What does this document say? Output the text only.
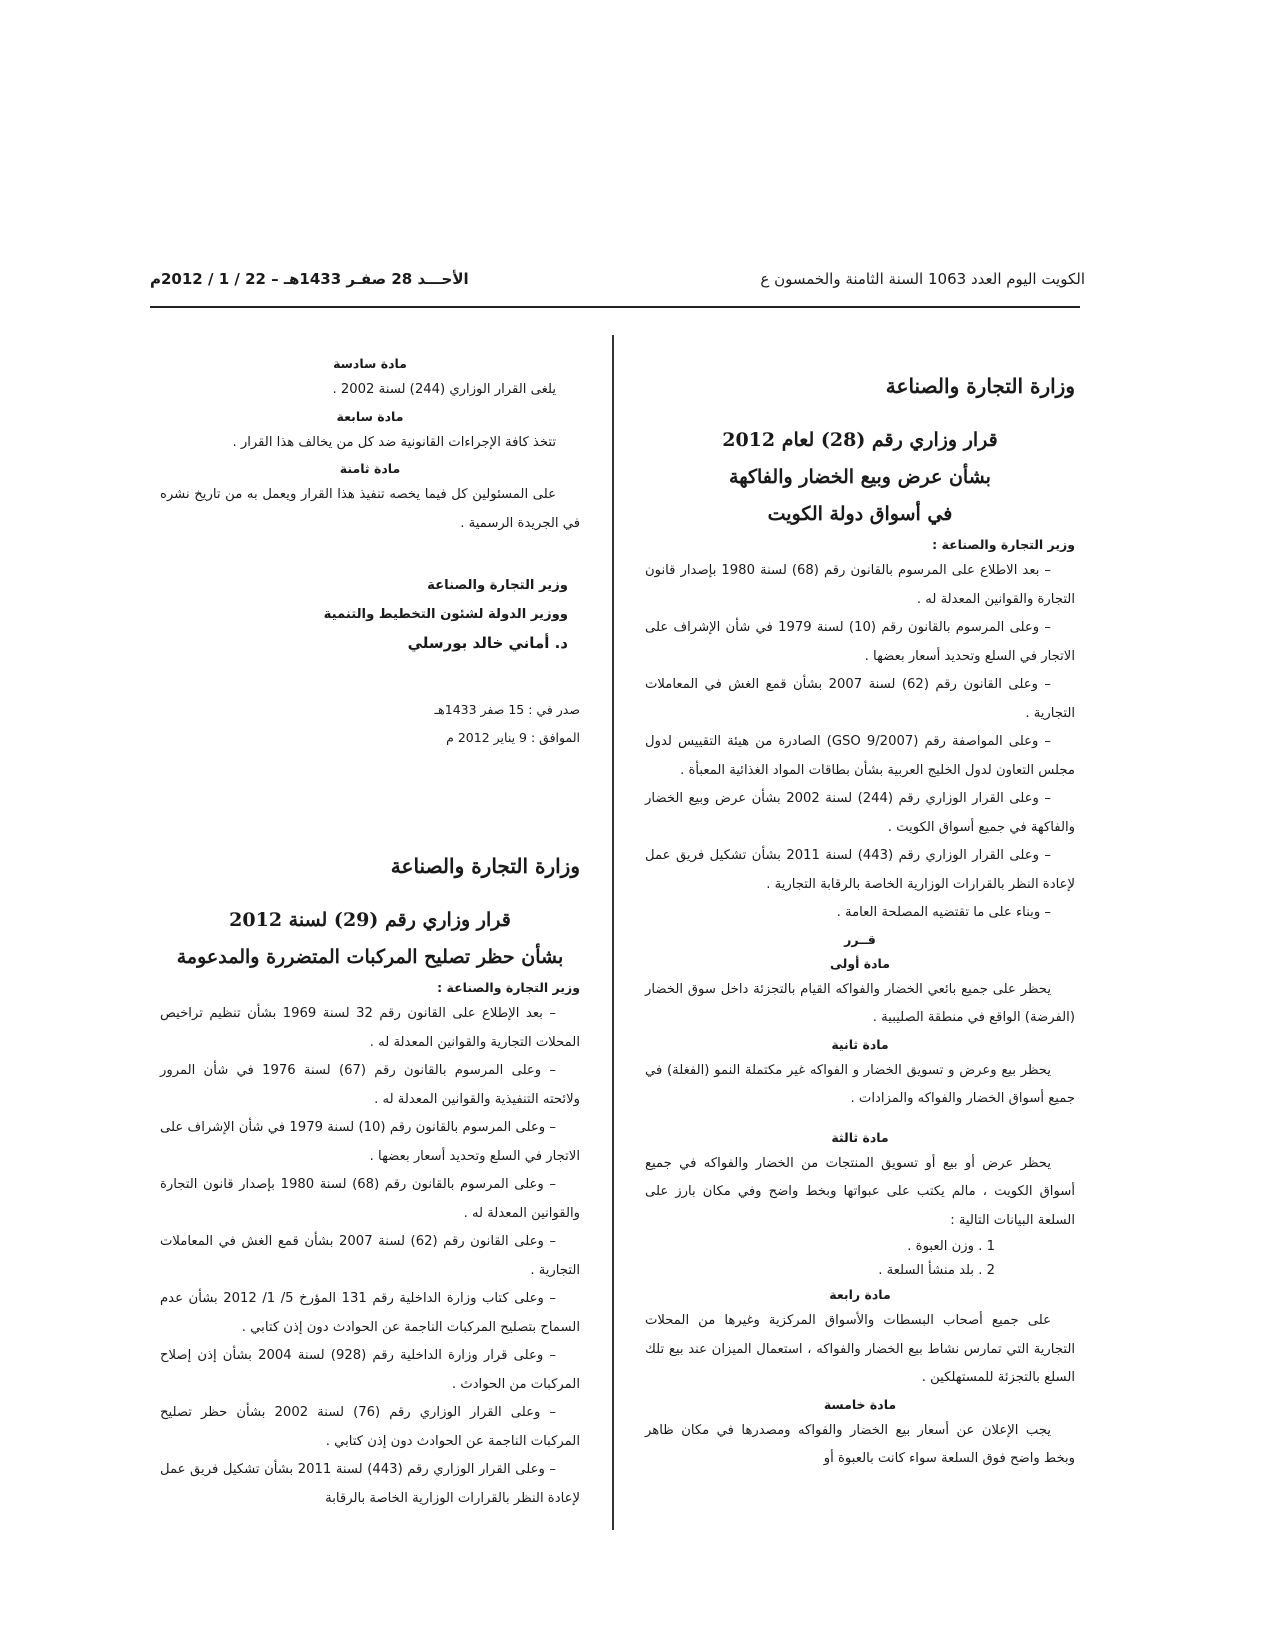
الكويت اليوم العدد 1063 السنة الثامنة والخمسون ع
الأحـــد 28 صفـر 1433هـ – 22 / 1 / 2012م
وزارة التجارة والصناعة
قرار وزاري رقم (28) لعام 2012
بشأن عرض وبيع الخضار والفاكهة
في أسواق دولة الكويت

وزير التجارة والصناعة :

– بعد الاطلاع على المرسوم بالقانون رقم (68) لسنة 1980 بإصدار قانون التجارة والقوانين المعدلة له .

– وعلى المرسوم بالقانون رقم (10) لسنة 1979 في شأن الإشراف على الاتجار في السلع وتحديد أسعار بعضها .

– وعلى القانون رقم (62) لسنة 2007 بشأن قمع الغش في المعاملات التجارية .

– وعلى المواصفة رقم (GSO 9/2007) الصادرة من هيئة التقييس لدول مجلس التعاون لدول الخليج العربية بشأن بطاقات المواد الغذائية المعبأة .

– وعلى القرار الوزاري رقم (244) لسنة 2002 بشأن عرض وبيع الخضار والفاكهة في جميع أسواق الكويت .

– وعلى القرار الوزاري رقم (443) لسنة 2011 بشأن تشكيل فريق عمل لإعادة النظر بالقرارات الوزارية الخاصة بالرقابة التجارية .

– وبناء على ما تقتضيه المصلحة العامة .

قــرر
مادة أولى

يحظر على جميع بائعي الخضار والفواكه القيام بالتجزئة داخل سوق الخضار (الفرضة) الواقع في منطقة الصليبية .

مادة ثانية

يحظر بيع وعرض و تسويق الخضار و الفواكه غير مكتملة النمو (الفغلة) في جميع أسواق الخضار والفواكه والمزادات .

مادة ثالثة

يحظر عرض أو بيع أو تسويق المنتجات من الخضار والفواكه في جميع أسواق الكويت ، مالم يكتب على عبواتها وبخط واضح وفي مكان بارز على السلعة البيانات التالية :

1 . وزن العبوة .

2 . بلد منشأ السلعة .

مادة رابعة

على جميع أصحاب البسطات والأسواق المركزية وغيرها من المحلات التجارية التي تمارس نشاط بيع الخضار والفواكه ، استعمال الميزان عند بيع تلك السلع بالتجزئة للمستهلكين .

مادة خامسة

يجب الإعلان عن أسعار بيع الخضار والفواكه ومصدرها في مكان ظاهر وبخط واضح فوق السلعة سواء كانت بالعبوة أو

مادة سادسة

يلغى القرار الوزاري (244) لسنة 2002 .

مادة سابعة

تتخذ كافة الإجراءات القانونية ضد كل من يخالف هذا القرار .

مادة ثامنة

على المسئولين كل فيما يخصه تنفيذ هذا القرار ويعمل به من تاريخ نشره في الجريدة الرسمية .

وزير التجارة والصناعة

ووزير الدولة لشئون التخطيط والتنمية

د. أماني خالد بورسلي

صدر في : 15 صفر 1433هـ

الموافق : 9 يناير 2012 م

وزارة التجارة والصناعة
قرار وزاري رقم (29) لسنة 2012
بشأن حظر تصليح المركبات المتضررة والمدعومة

وزير التجارة والصناعة :

– بعد الإطلاع على القانون رقم 32 لسنة 1969 بشأن تنظيم تراخيص المحلات التجارية والقوانين المعدلة له .

– وعلى المرسوم بالقانون رقم (67) لسنة 1976 في شأن المرور ولائحته التنفيذية والقوانين المعدلة له .

– وعلى المرسوم بالقانون رقم (10) لسنة 1979 في شأن الإشراف على الاتجار في السلع وتحديد أسعار بعضها .

– وعلى المرسوم بالقانون رقم (68) لسنة 1980 بإصدار قانون التجارة والقوانين المعدلة له .

– وعلى القانون رقم (62) لسنة 2007 بشأن قمع الغش في المعاملات التجارية .

– وعلى كتاب وزارة الداخلية رقم 131 المؤرخ 5/ 1/ 2012 بشأن عدم السماح بتصليح المركبات الناجمة عن الحوادث دون إذن كتابي .

– وعلى قرار وزارة الداخلية رقم (928) لسنة 2004 بشأن إذن إصلاح المركبات من الحوادث .

– وعلى القرار الوزاري رقم (76) لسنة 2002 بشأن حظر تصليح المركبات الناجمة عن الحوادث دون إذن كتابي .

– وعلى القرار الوزاري رقم (443) لسنة 2011 بشأن تشكيل فريق عمل لإعادة النظر بالقرارات الوزارية الخاصة بالرقابة
